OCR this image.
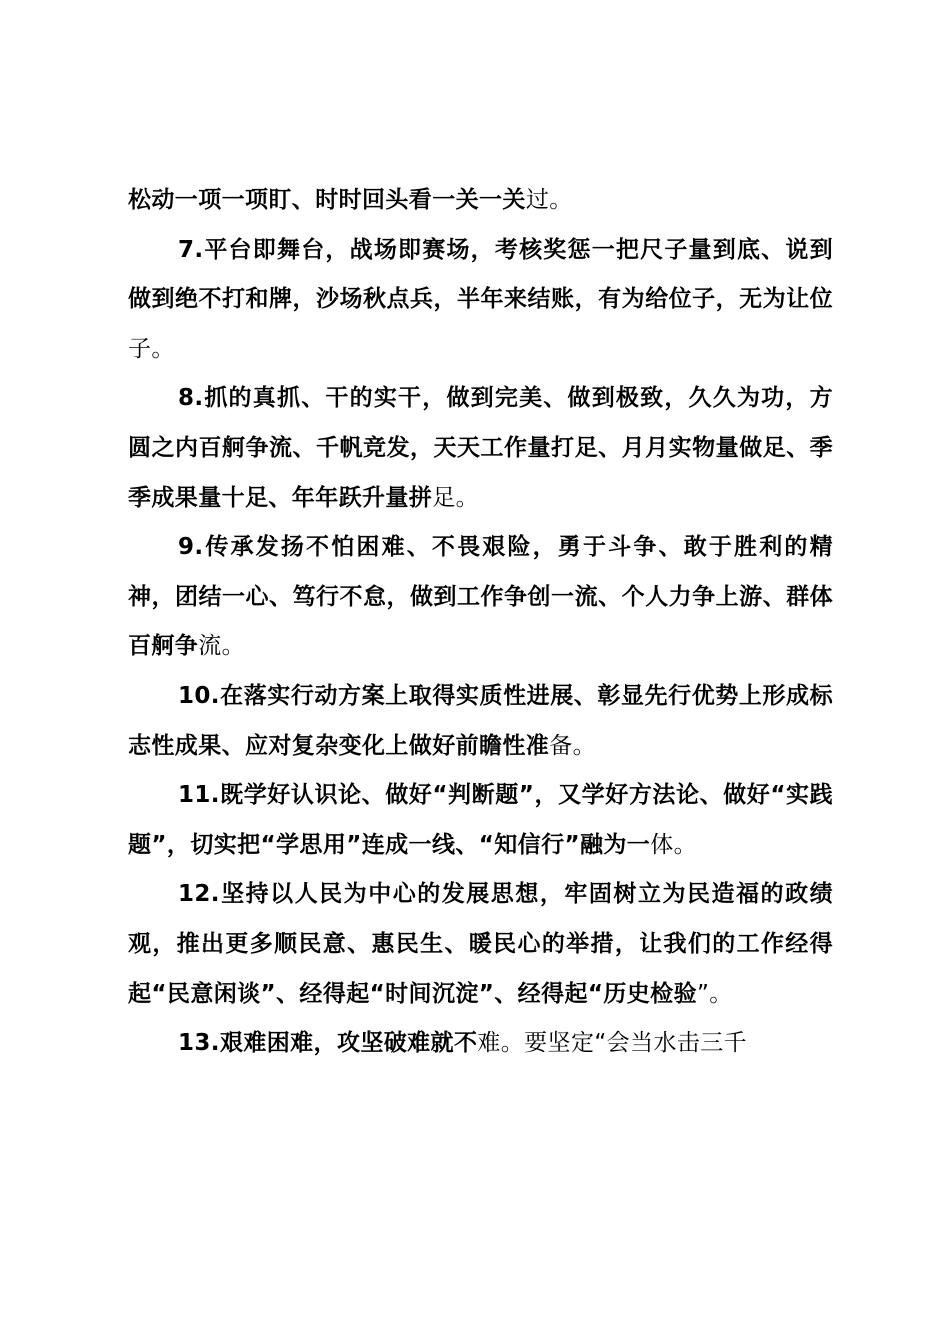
松动一项一项盯、时时回头看一关一关过。

7.平台即舞台，战场即赛场，考核奖惩一把尺子量到底、说到做到绝不打和牌，沙场秋点兵，半年来结账，有为给位子，无为让位子。

8.抓的真抓、干的实干，做到完美、做到极致，久久为功，方圆之内百舸争流、千帆竞发，天天工作量打足、月月实物量做足、季季成果量十足、年年跃升量拼足。

9.传承发扬不怕困难、不畏艰险，勇于斗争、敢于胜利的精神，团结一心、笃行不怠，做到工作争创一流、个人力争上游、群体百舸争流。

10.在落实行动方案上取得实质性进展、彰显先行优势上形成标志性成果、应对复杂变化上做好前瞻性准备。

11.既学好认识论、做好“判断题”，又学好方法论、做好“实践题”，切实把“学思用”连成一线、“知信行”融为一体。

12.坚持以人民为中心的发展思想，牢固树立为民造福的政绩观，推出更多顺民意、惠民生、暖民心的举措，让我们的工作经得起“民意闲谈”、经得起“时间沉淀”、经得起“历史检验”。

13.艰难困难，攻坚破难就不难。要坚定“会当水击三千
